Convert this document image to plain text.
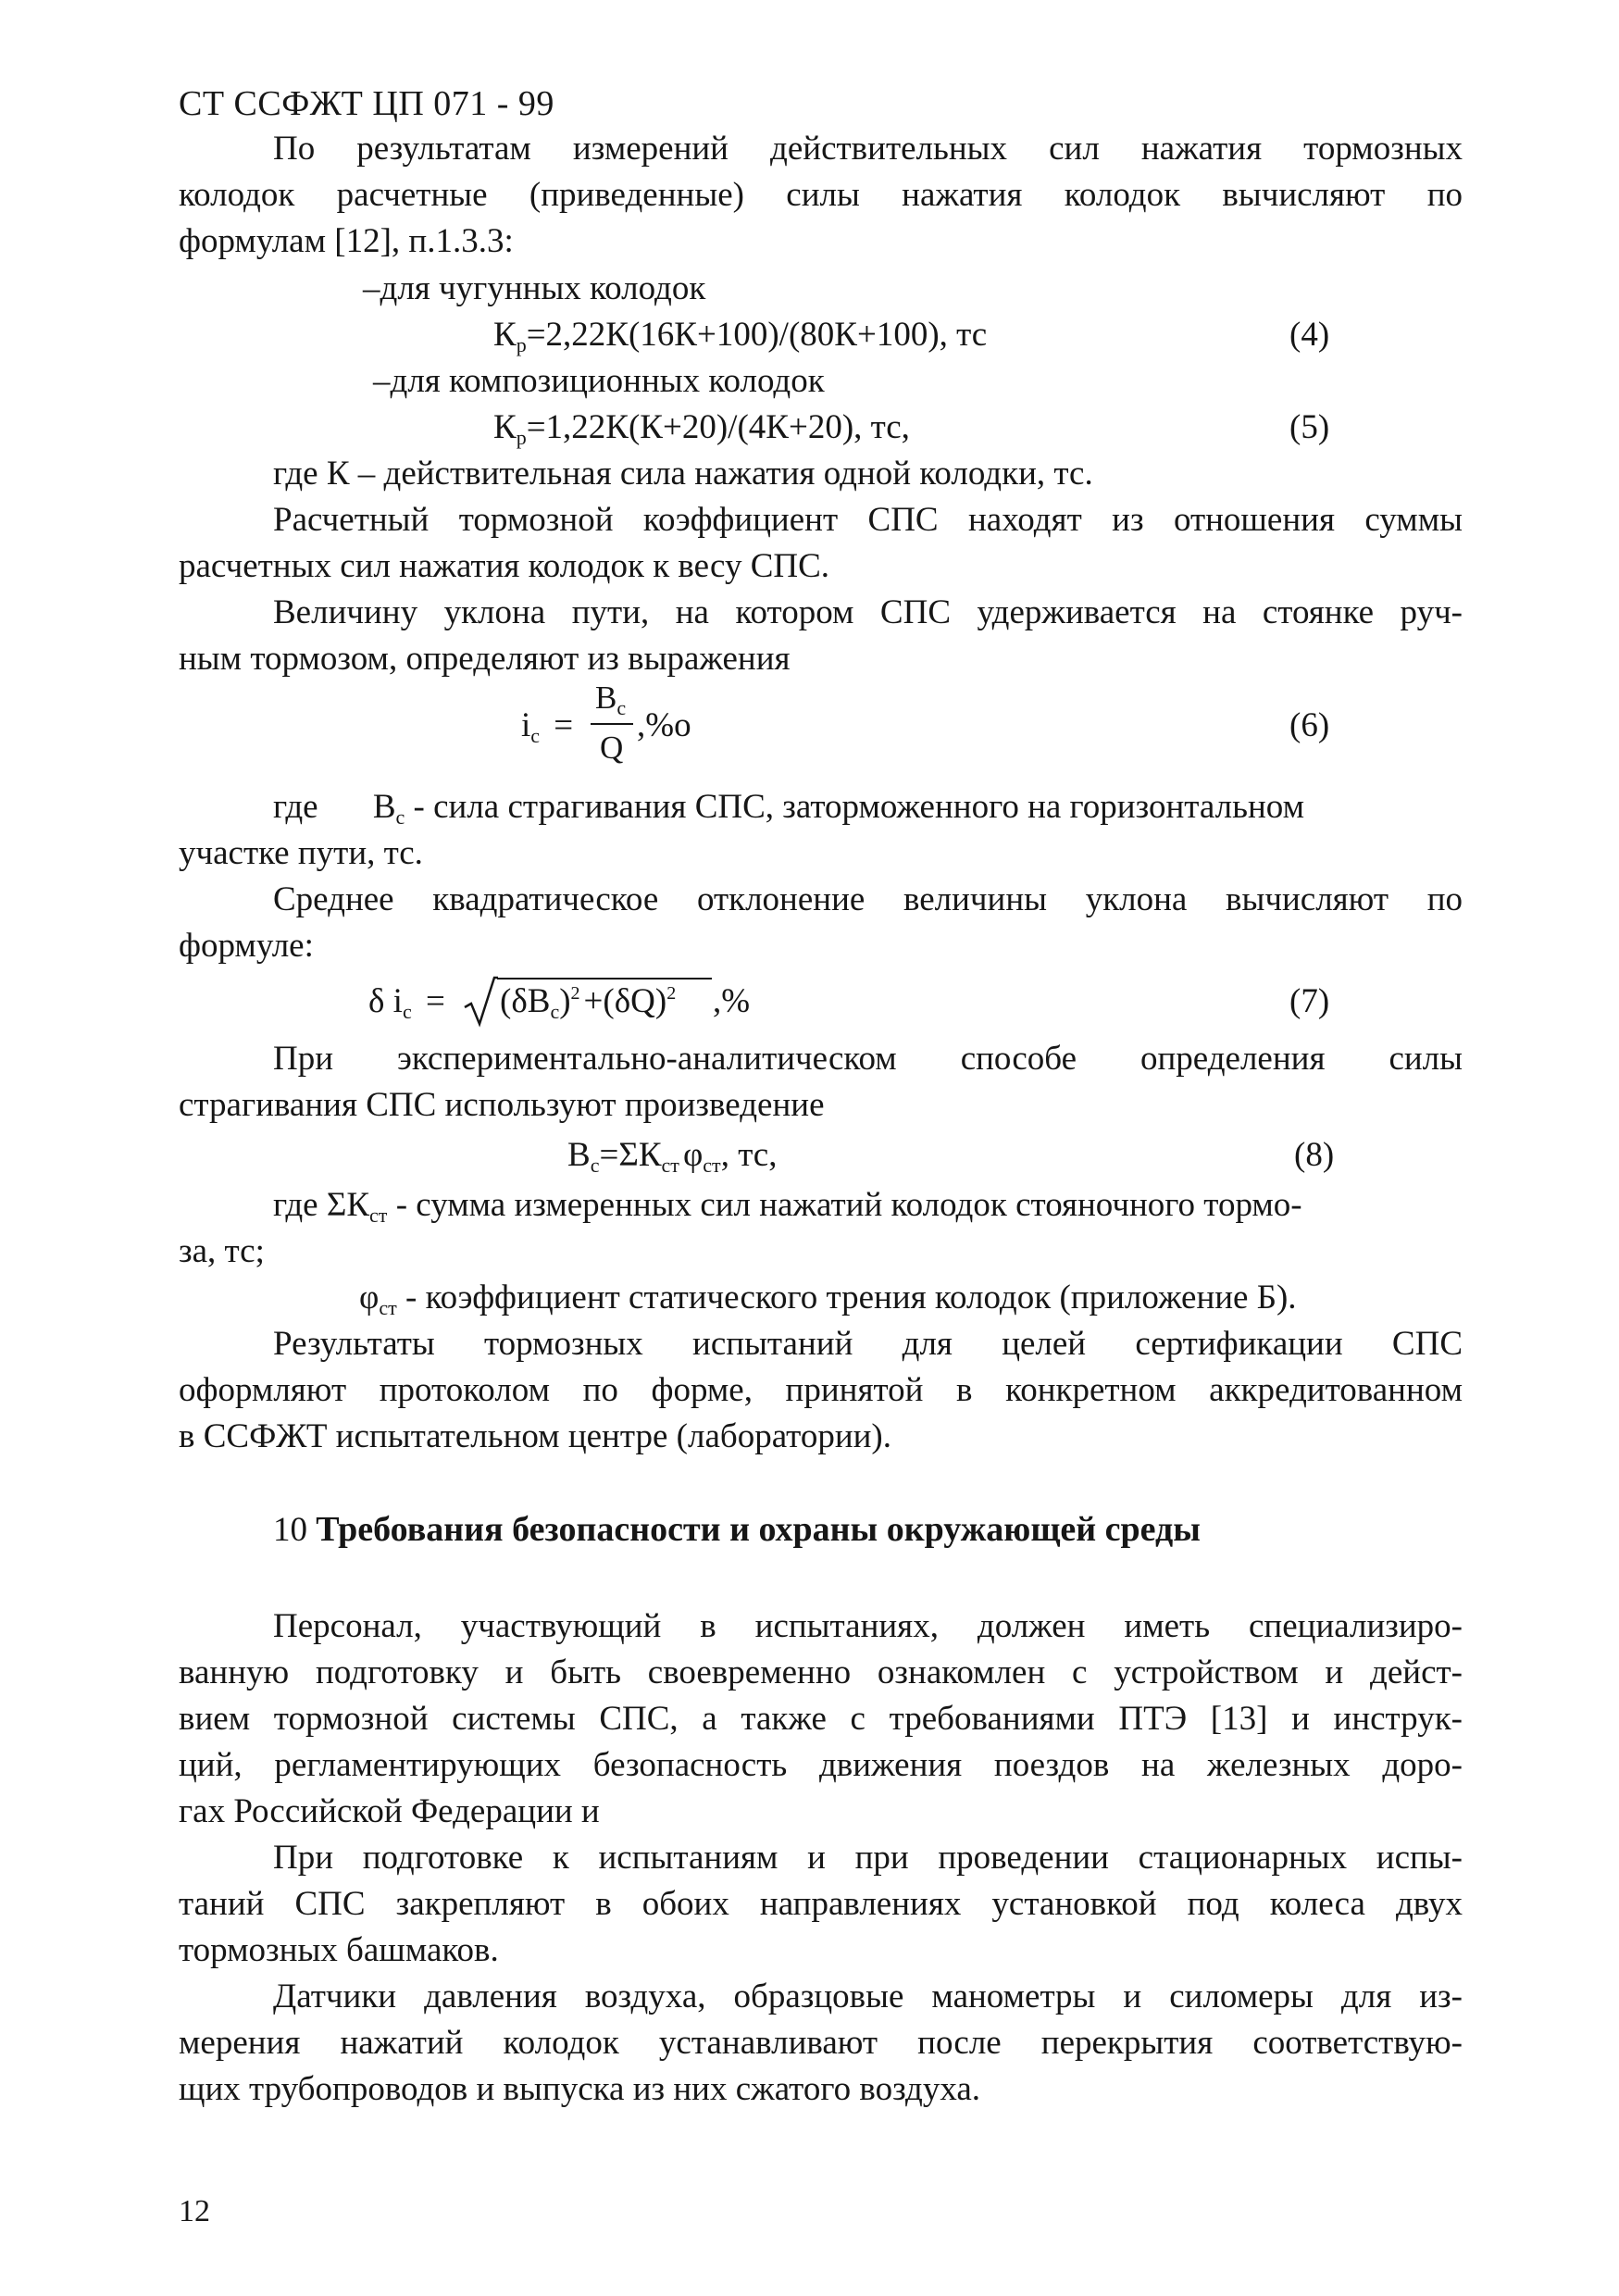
СТ ССФЖТ ЦП 071 - 99
По результатам измерений действительных сил нажатия тормозных
колодок расчетные (приведенные) силы нажатия колодок вычисляют по
формулам [12], п.1.3.3:
–для чугунных колодок
$К_р=2,22К(16К+100)/(80К+100)$, тс	(4)
–для композиционных колодок
$К_р=1,22К(К+20)/(4К+20)$, тс,	(5)
где К – действительная сила нажатия одной колодки, тс.
Расчетный тормозной коэффициент СПС находят из отношения суммы
расчетных сил нажатия колодок к весу СПС.
Величину уклона пути, на котором СПС удерживается на стоянке руч-
ным тормозом, определяют из выражения
$i_c$ =
$B_c$
Q
,%o	(6)
где $В_с$ - сила страгивания СПС, заторможенного на горизонтальном
участке пути, тс.
Среднее квадратическое отклонение величины уклона вычисляют по
формуле:
δ $i_c = (\delta B_c)^2 +(\delta Q)^2$ ,%	(7)
При экспериментально-аналитическом способе определения силы
страгивания СПС используют произведение
$В_с=\Sigma К_{ст}$ $\varphi_{ст}$, тс,	(8)
где $\Sigma К_{ст}$ - сумма измеренных сил нажатий колодок стояночного тормо-
за, тс;
$\varphi_{ст}$ - коэффициент статического трения колодок (приложение Б).
Результаты тормозных испытаний для целей сертификации СПС
оформляют протоколом по форме, принятой в конкретном аккредитованном
в ССФЖТ испытательном центре (лаборатории).
10 Требования безопасности и охраны окружающей среды
Персонал, участвующий в испытаниях, должен иметь специализиро-
ванную подготовку и быть своевременно ознакомлен с устройством и дейст-
вием тормозной системы СПС, а также с требованиями ПТЭ [13] и инструк-
ций, регламентирующих безопасность движения поездов на железных доро-
гах Российской Федерации и
При подготовке к испытаниям и при проведении стационарных испы-
таний СПС закрепляют в обоих направлениях установкой под колеса двух
тормозных башмаков.
Датчики давления воздуха, образцовые манометры и силомеры для из-
мерения нажатий колодок устанавливают после перекрытия соответствую-
щих трубопроводов и выпуска из них сжатого воздуха.
12
